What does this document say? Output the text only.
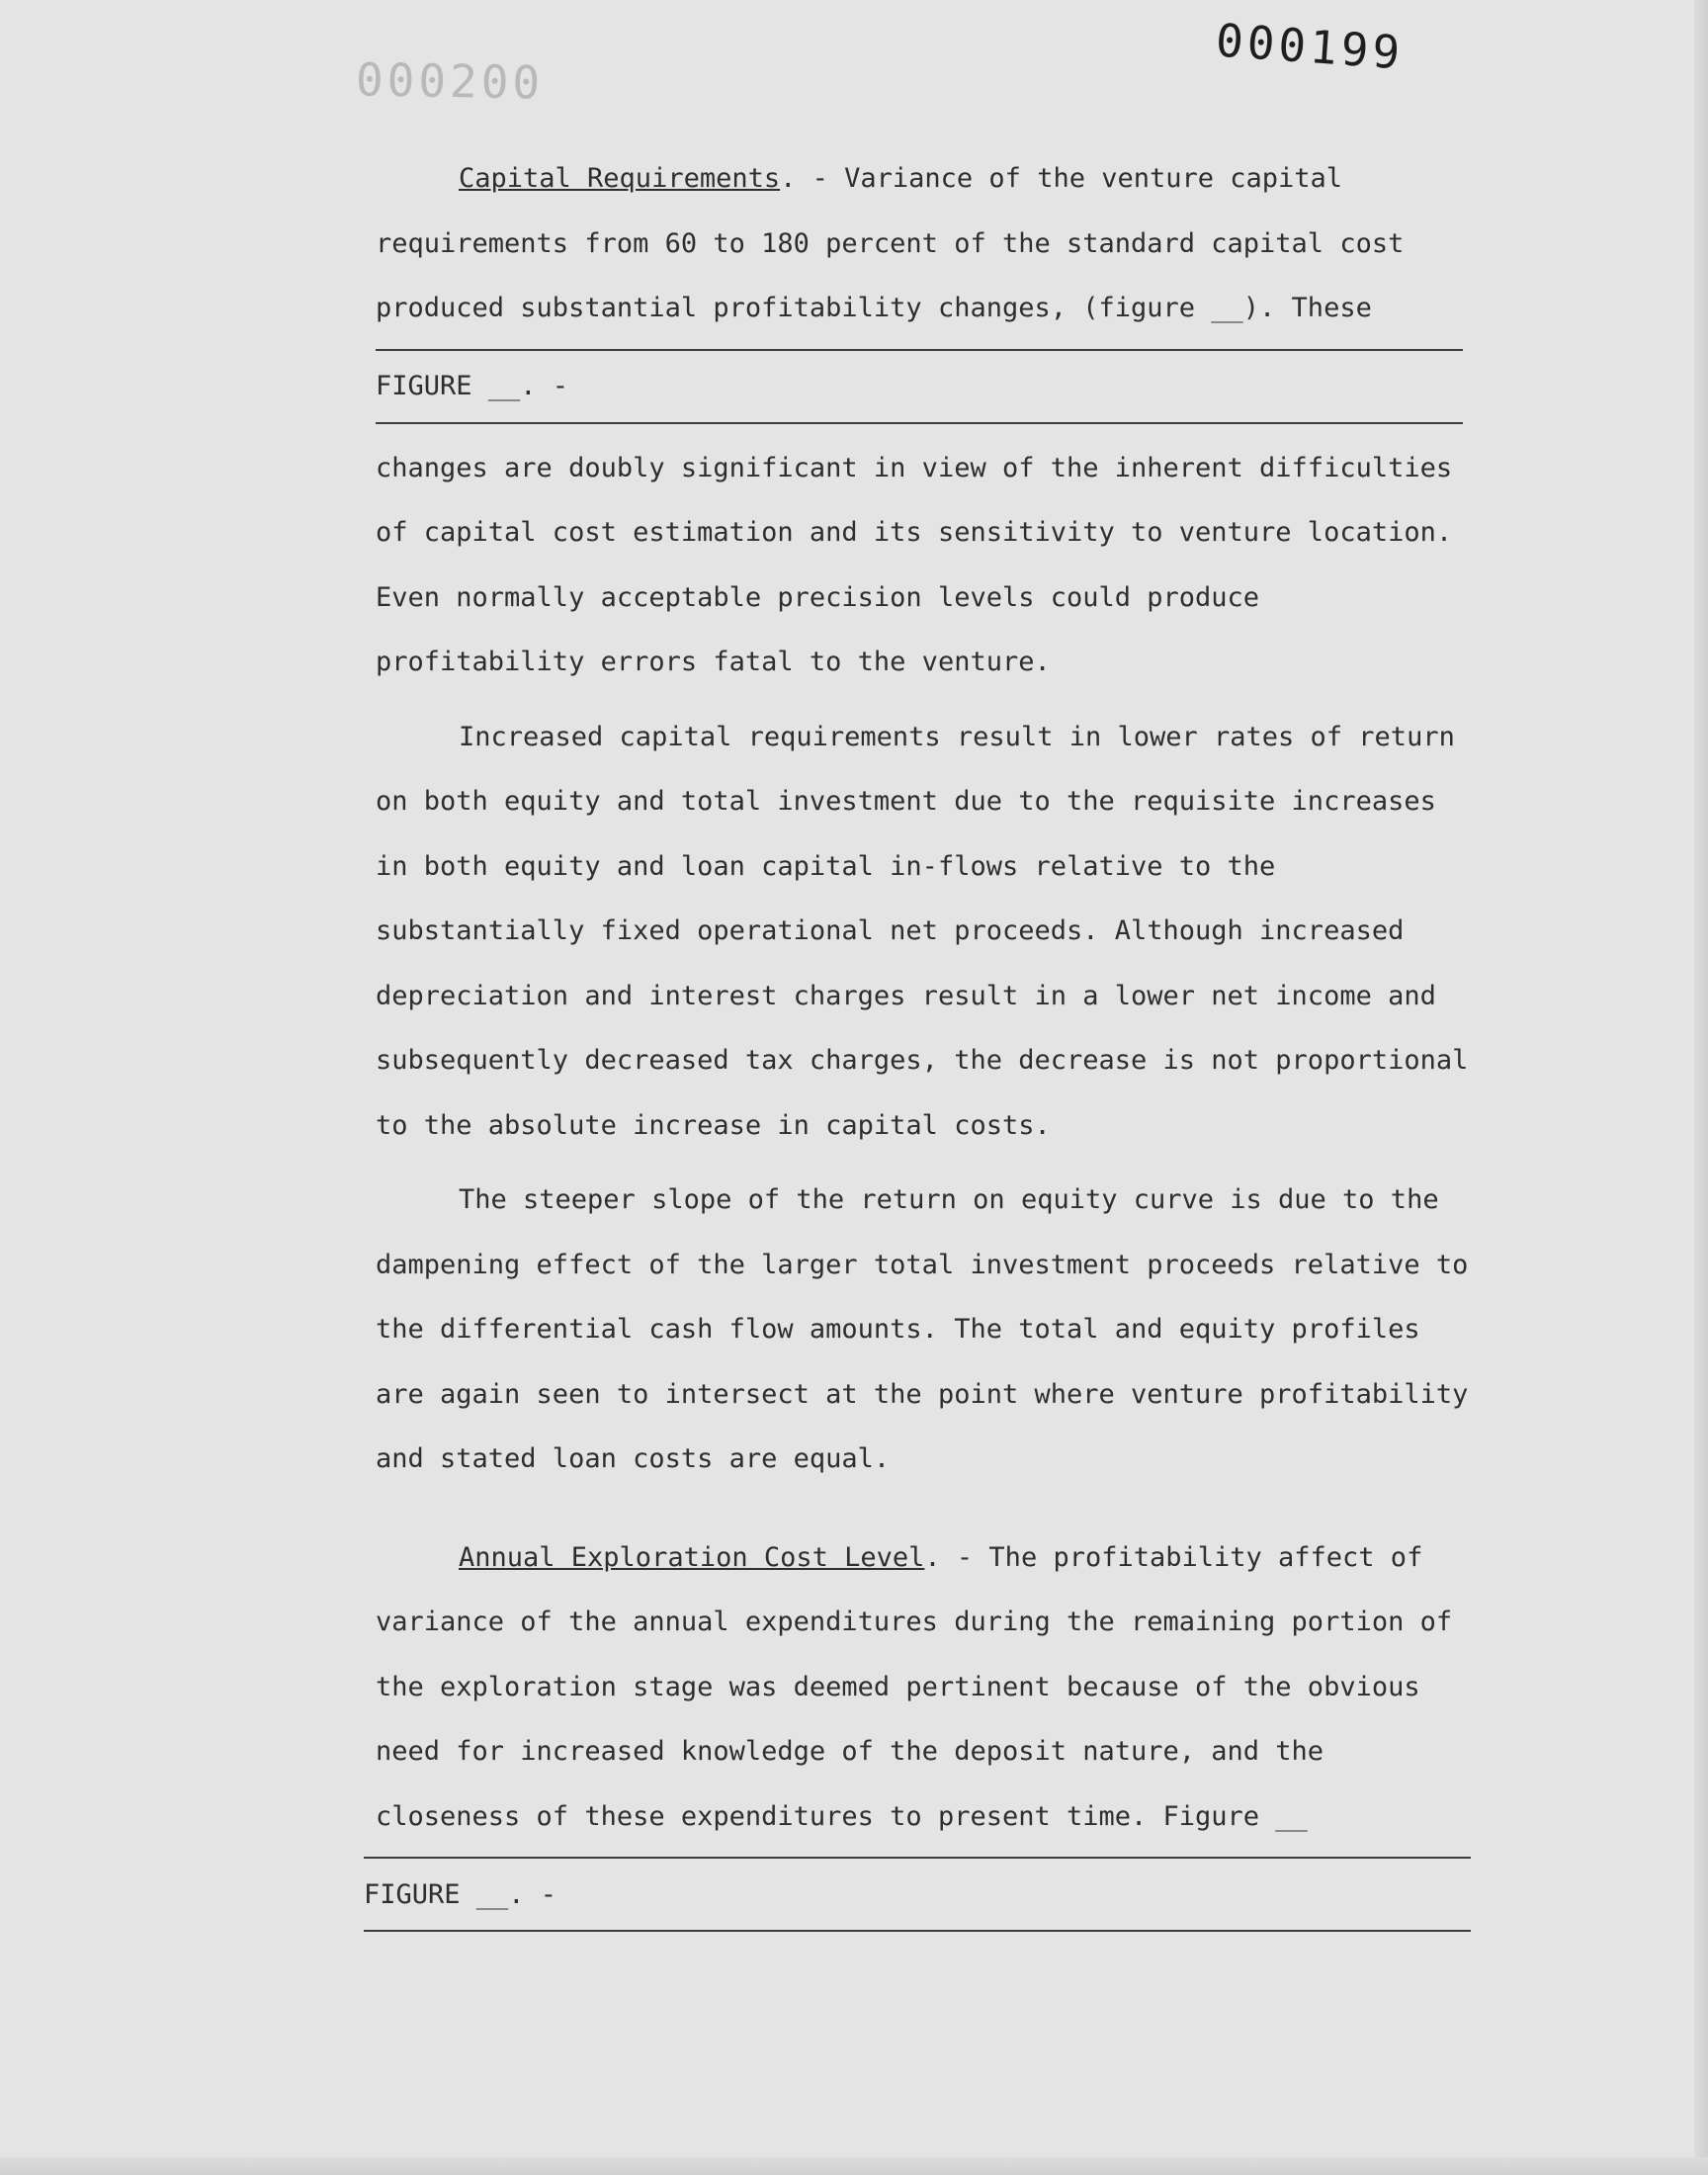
000199
000200

Capital Requirements. - Variance of the venture capital requirements from 60 to 180 percent of the standard capital cost produced substantial profitability changes, (figure __). These

FIGURE __. -

changes are doubly significant in view of the inherent difficulties of capital cost estimation and its sensitivity to venture location. Even normally acceptable precision levels could produce profitability errors fatal to the venture.

Increased capital requirements result in lower rates of return on both equity and total investment due to the requisite increases in both equity and loan capital in-flows relative to the substantially fixed operational net proceeds. Although increased depreciation and interest charges result in a lower net income and subsequently decreased tax charges, the decrease is not proportional to the absolute increase in capital costs.

The steeper slope of the return on equity curve is due to the dampening effect of the larger total investment proceeds relative to the differential cash flow amounts. The total and equity profiles are again seen to intersect at the point where venture profitability and stated loan costs are equal.

Annual Exploration Cost Level. - The profitability affect of variance of the annual expenditures during the remaining portion of the exploration stage was deemed pertinent because of the obvious need for increased knowledge of the deposit nature, and the closeness of these expenditures to present time. Figure __

FIGURE __. -
